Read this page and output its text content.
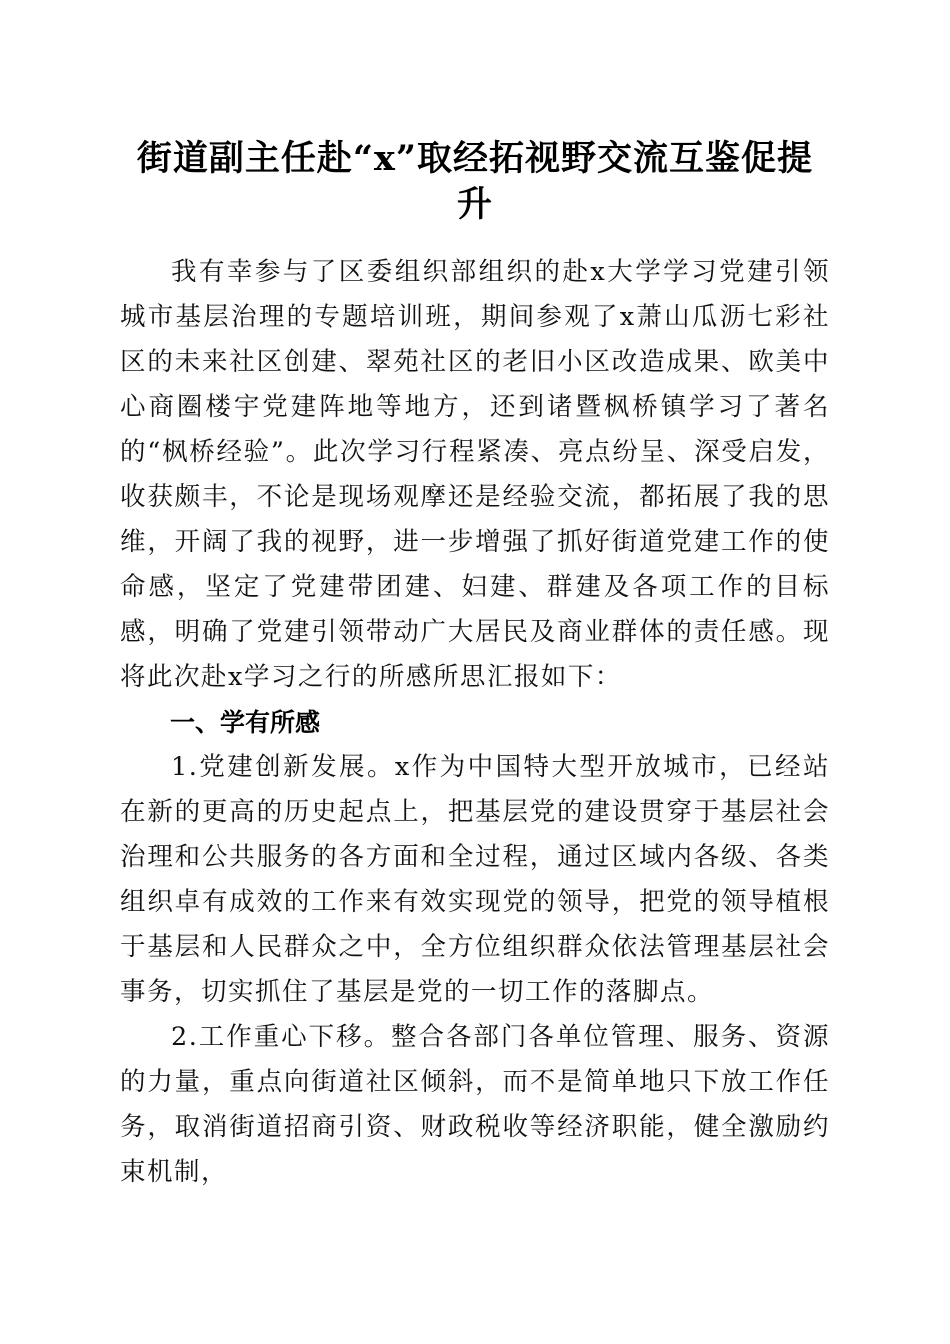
街道副主任赴“x”取经拓视野交流互鉴促提升

我有幸参与了区委组织部组织的赴x大学学习党建引领城市基层治理的专题培训班，期间参观了x萧山瓜沥七彩社区的未来社区创建、翠苑社区的老旧小区改造成果、欧美中心商圈楼宇党建阵地等地方，还到诸暨枫桥镇学习了著名的“枫桥经验”。此次学习行程紧凑、亮点纷呈、深受启发，收获颇丰，不论是现场观摩还是经验交流，都拓展了我的思维，开阔了我的视野，进一步增强了抓好街道党建工作的使命感，坚定了党建带团建、妇建、群建及各项工作的目标感，明确了党建引领带动广大居民及商业群体的责任感。现将此次赴x学习之行的所感所思汇报如下：

一、学有所感

1.党建创新发展。x作为中国特大型开放城市，已经站在新的更高的历史起点上，把基层党的建设贯穿于基层社会治理和公共服务的各方面和全过程，通过区域内各级、各类组织卓有成效的工作来有效实现党的领导，把党的领导植根于基层和人民群众之中，全方位组织群众依法管理基层社会事务，切实抓住了基层是党的一切工作的落脚点。

2.工作重心下移。整合各部门各单位管理、服务、资源的力量，重点向街道社区倾斜，而不是简单地只下放工作任务，取消街道招商引资、财政税收等经济职能，健全激励约束机制，
